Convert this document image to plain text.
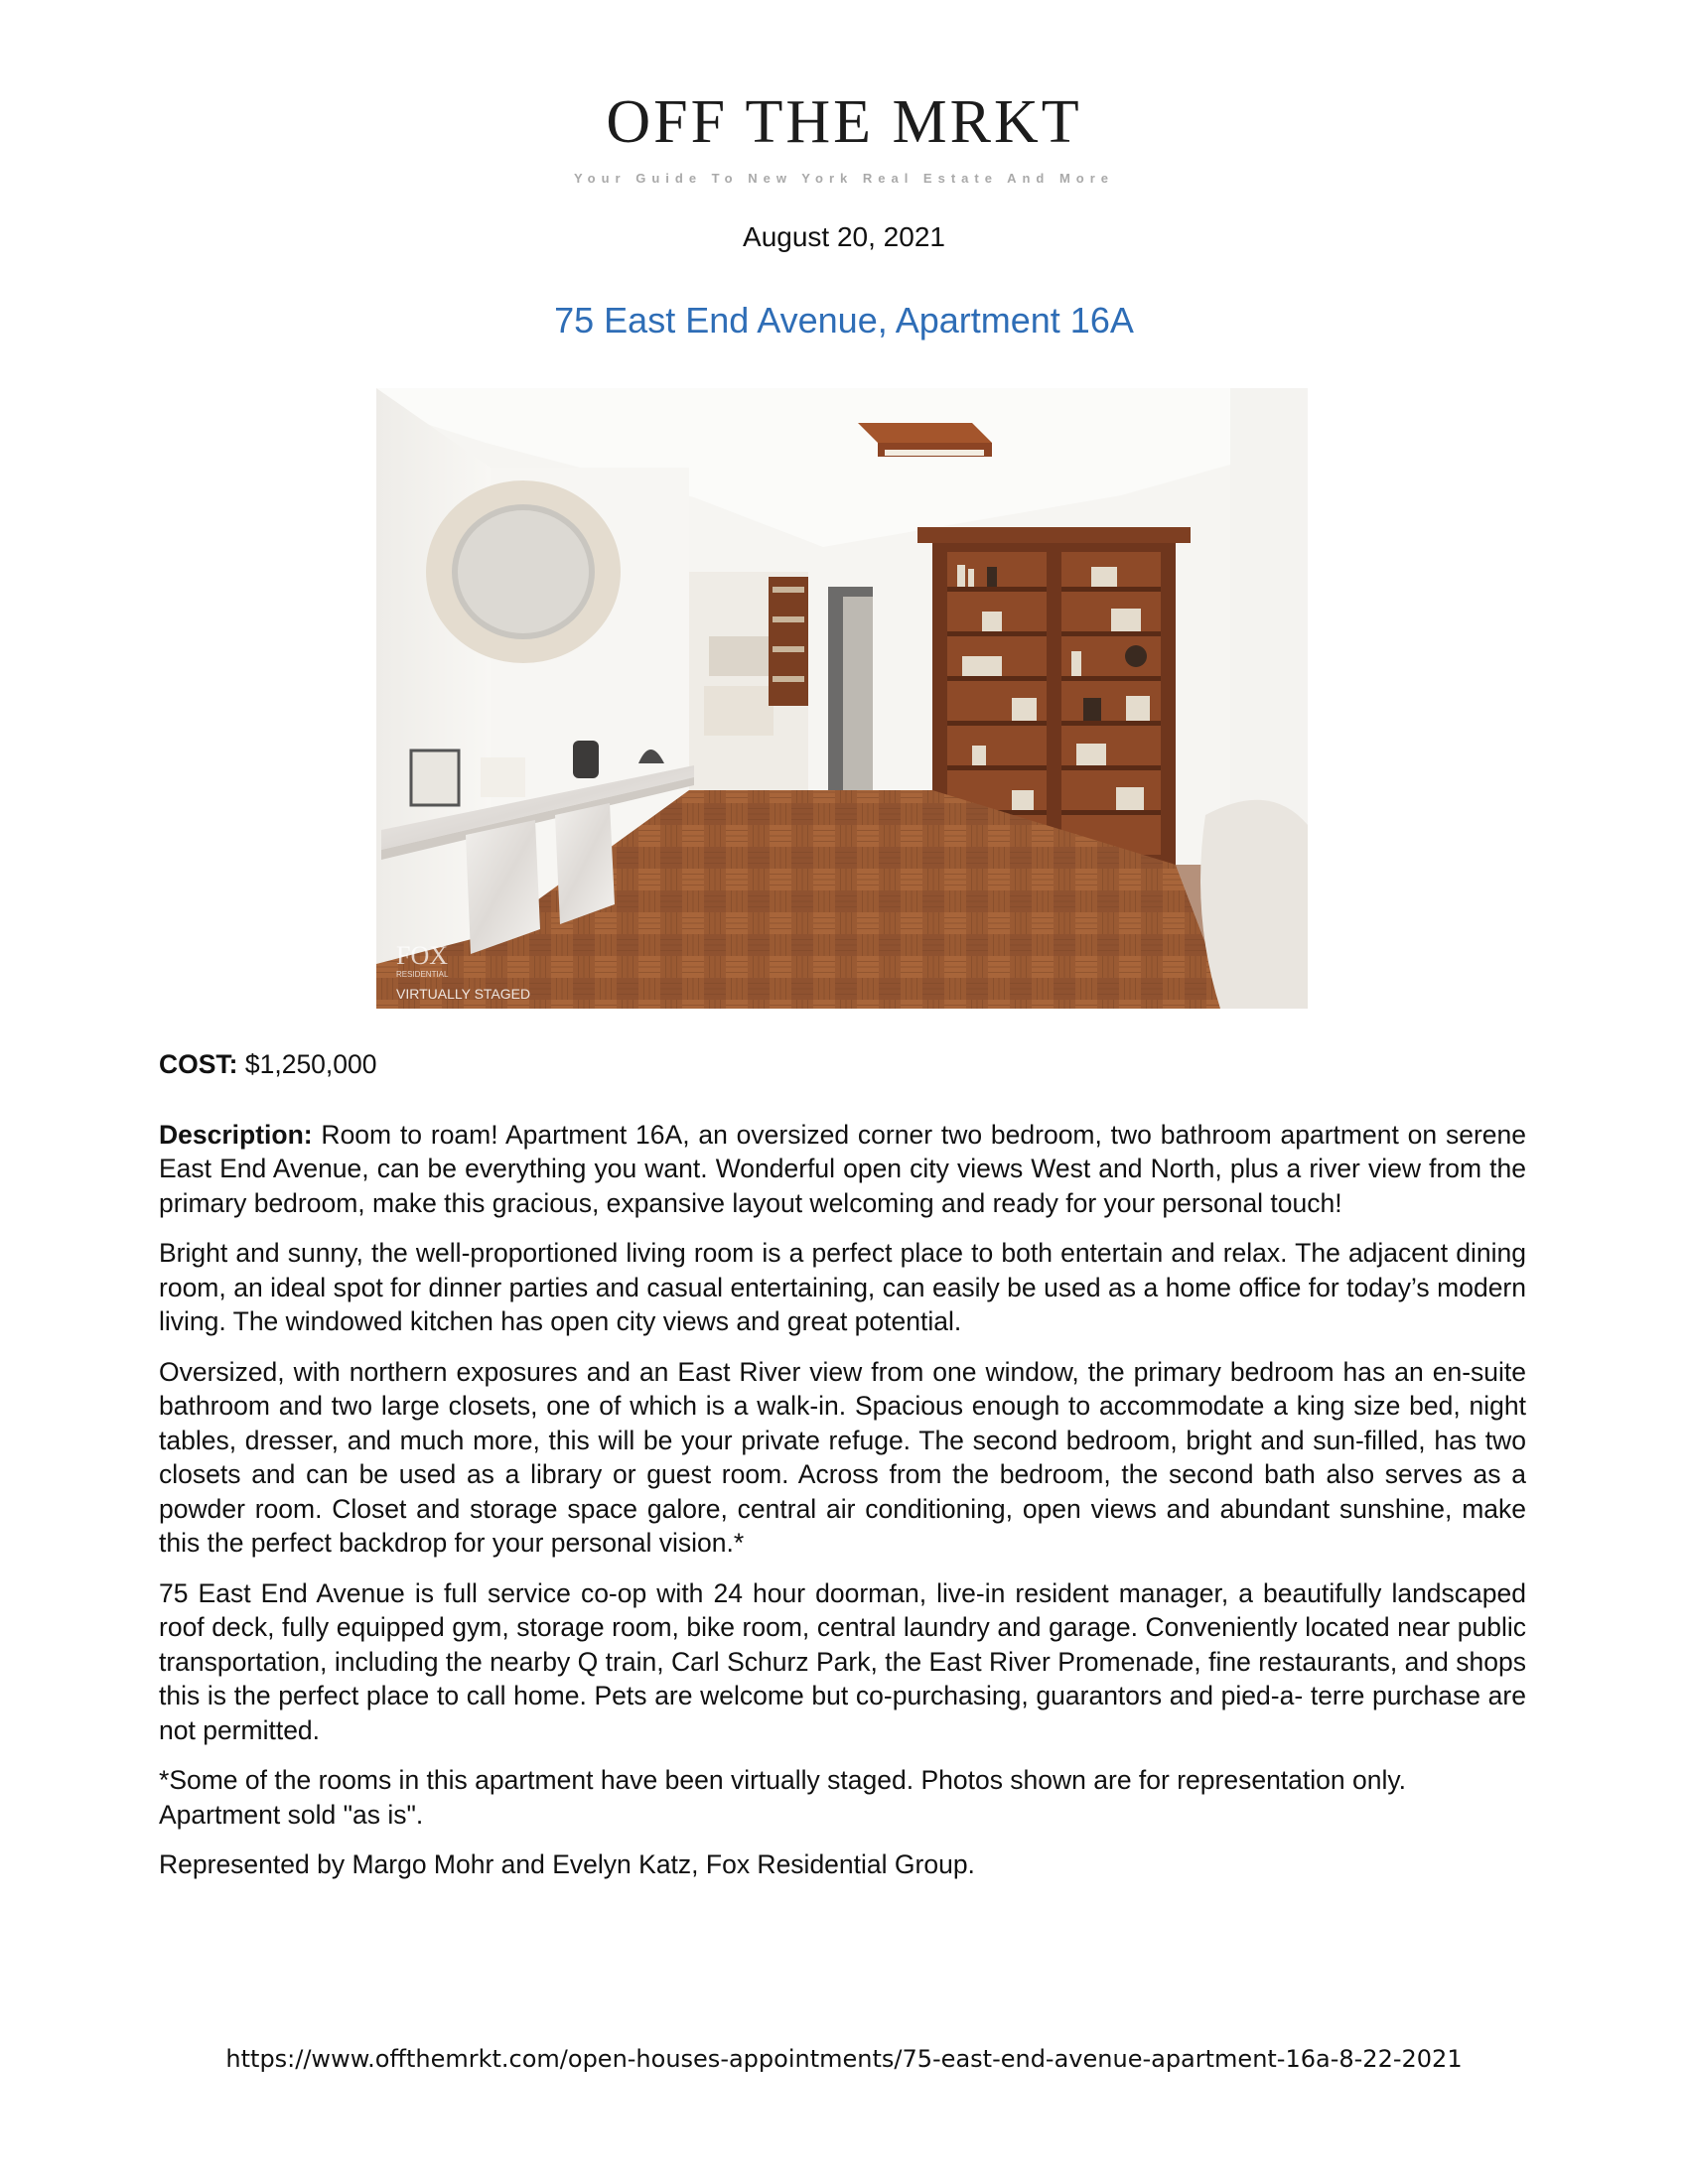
OFF THE MRKT
Your Guide To New York Real Estate And More
August 20, 2021
75 East End Avenue, Apartment 16A
FOX
RESIDENTIAL
VIRTUALLY STAGED
COST: $1,250,000

Description: Room to roam! Apartment 16A, an oversized corner two bedroom, two bathroom apartment on serene East End Avenue, can be everything you want. Wonderful open city views West and North, plus a river view from the primary bedroom, make this gracious, expansive layout welcoming and ready for your personal touch!

Bright and sunny, the well-proportioned living room is a perfect place to both entertain and relax. The adjacent dining room, an ideal spot for dinner parties and casual entertaining, can easily be used as a home office for today’s modern living. The windowed kitchen has open city views and great potential.

Oversized, with northern exposures and an East River view from one window, the primary bedroom has an en-suite bathroom and two large closets, one of which is a walk-in. Spacious enough to accommodate a king size bed, night tables, dresser, and much more, this will be your private refuge. The second bedroom, bright and sun-filled, has two closets and can be used as a library or guest room. Across from the bedroom, the second bath also serves as a powder room. Closet and storage space galore, central air conditioning, open views and abundant sunshine, make this the perfect backdrop for your personal vision.*

75 East End Avenue is full service co-op with 24 hour doorman, live-in resident manager, a beautifully landscaped roof deck, fully equipped gym, storage room, bike room, central laundry and garage. Conveniently located near public transportation, including the nearby Q train, Carl Schurz Park, the East River Promenade, fine restaurants, and shops this is the perfect place to call home. Pets are welcome but co-purchasing, guarantors and pied-a- terre purchase are not permitted.

*Some of the rooms in this apartment have been virtually staged. Photos shown are for representation only. Apartment sold "as is".

Represented by Margo Mohr and Evelyn Katz, Fox Residential Group.

https://www.offthemrkt.com/open-houses-appointments/75-east-end-avenue-apartment-16a-8-22-2021
